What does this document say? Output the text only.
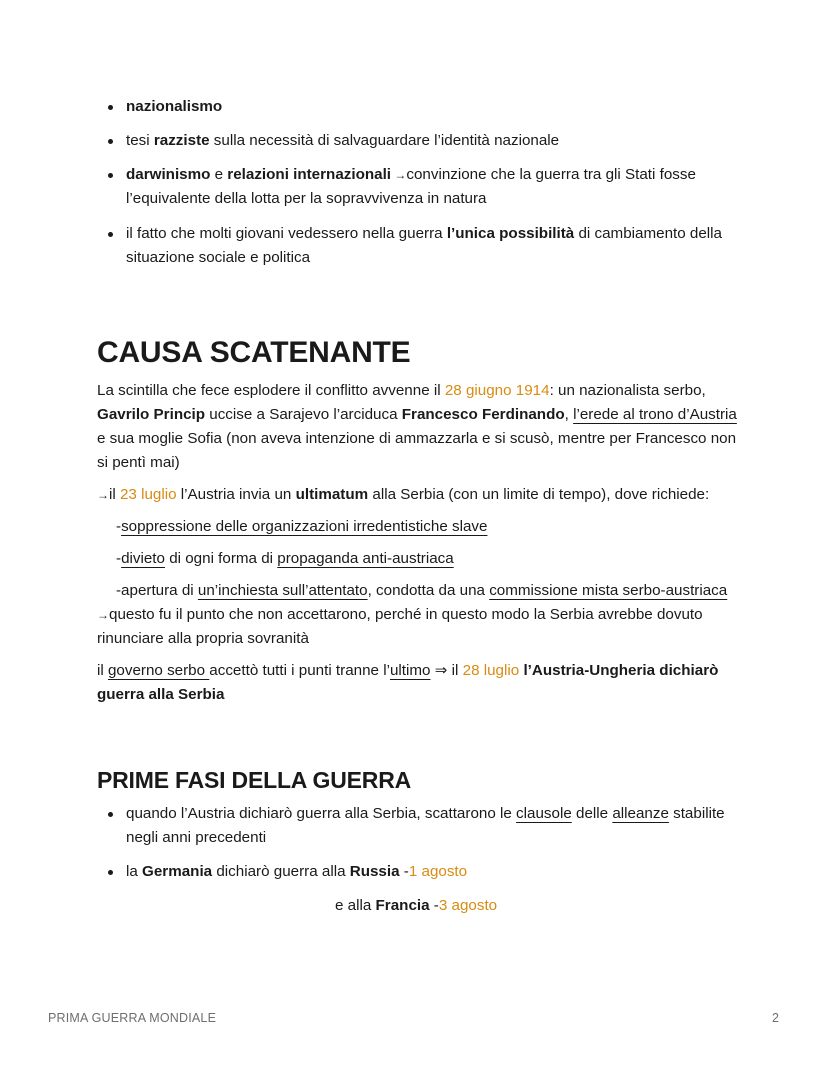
nazionalismo
tesi razziste sulla necessità di salvaguardare l’identità nazionale
darwinismo e relazioni internazionali →convinzione che la guerra tra gli Stati fosse l’equivalente della lotta per la sopravvivenza in natura
il fatto che molti giovani vedessero nella guerra l’unica possibilità di cambiamento della situazione sociale e politica
CAUSA SCATENANTE

La scintilla che fece esplodere il conflitto avvenne il 28 giugno 1914: un nazionalista serbo, Gavrilo Princip uccise a Sarajevo l’arciduca Francesco Ferdinando, l’erede al trono d’Austria e sua moglie Sofia (non aveva intenzione di ammazzarla e si scusò, mentre per Francesco non si pentì mai)

→il 23 luglio l’Austria invia un ultimatum alla Serbia (con un limite di tempo), dove richiede:

-soppressione delle organizzazioni irredentistiche slave

-divieto di ogni forma di propaganda anti-austriaca

-apertura di un’inchiesta sull’attentato, condotta da una commissione mista serbo-austriaca →questo fu il punto che non accettarono, perché in questo modo la Serbia avrebbe dovuto rinunciare alla propria sovranità

il governo serbo accettò tutti i punti tranne l’ultimo ⇒ il 28 luglio l’Austria-Ungheria dichiarò guerra alla Serbia

PRIME FASI DELLA GUERRA
quando l’Austria dichiarò guerra alla Serbia, scattarono le clausole delle alleanze stabilite negli anni precedenti
la Germania dichiarò guerra alla Russia -1 agosto

e alla Francia -3 agosto

PRIMA GUERRA MONDIALE	2
